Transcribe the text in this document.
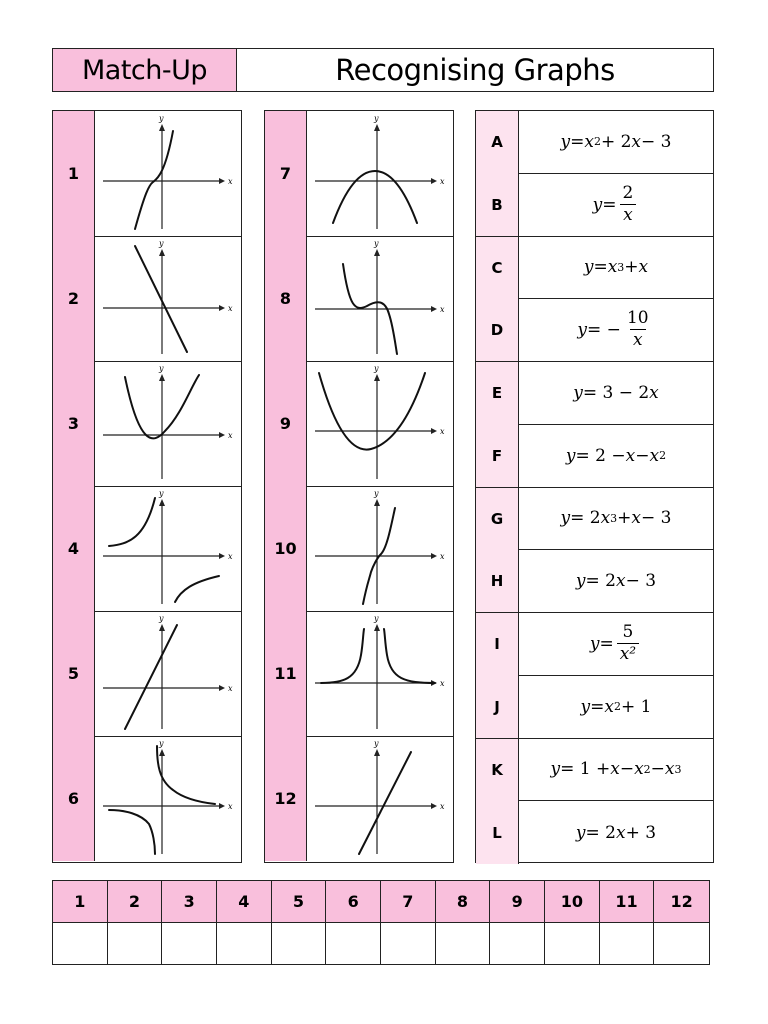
Match-Up	Recognising Graphs
1	x
y
2
x
y
3
x
y
4	x
y
5
x
y
6	x
y
7	x
y
8
x
y
9	x
y
10	x
y
11
x
y
12	x
y
A	y = x 2 + 2 x − 3
B	$y = \frac{2}{x}$
C	y = x 3 + x
D	y = − $\frac{10}{x}$
E	y = 3 − 2 x
F	y = 2 − x − x 2
G	y = 2 x 3 + x − 3
H	y = 2 x − 3
I	$y = \frac{5}{\text{x²}}$
J	y = x 2 + 1
K	y = 1 + x − x 2 − x 3
L	y = 2 x + 3
1	2	3	4	5	6	7	8	9	10	11	12
